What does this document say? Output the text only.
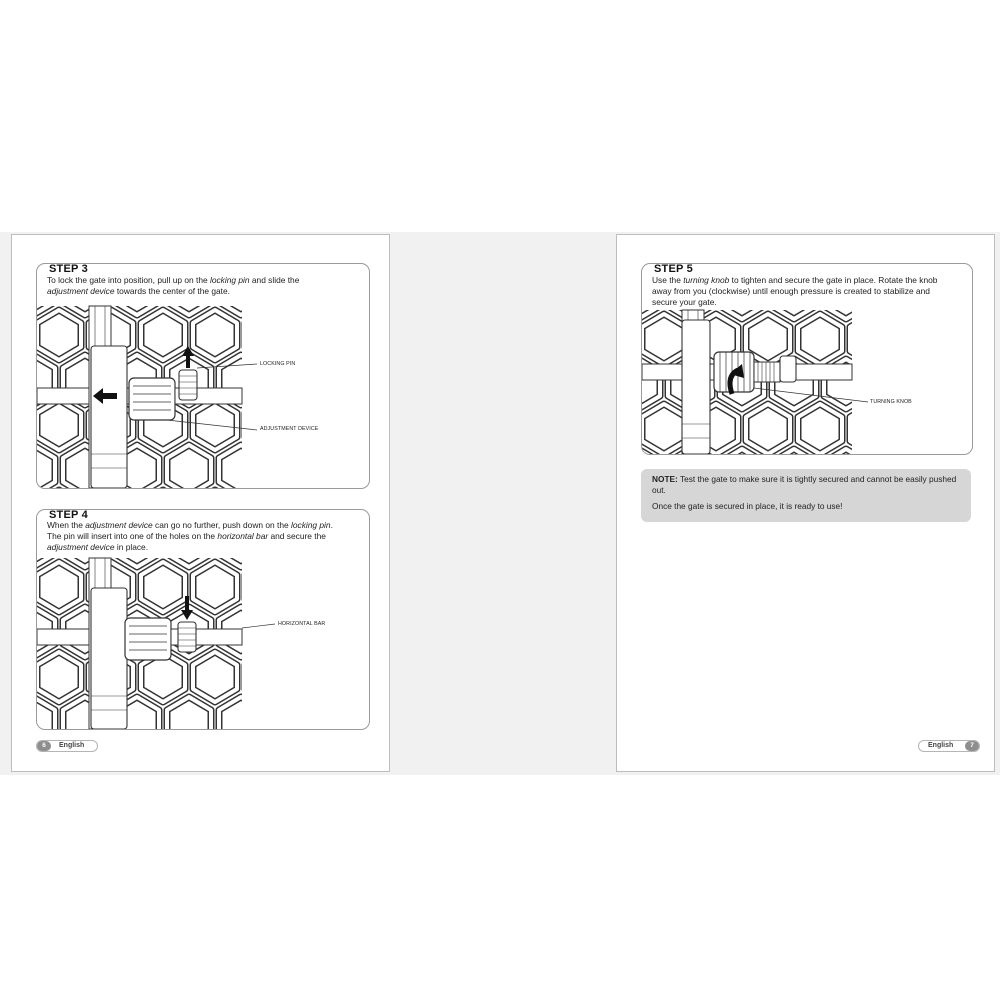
STEP 3
To lock the gate into position, pull up on the locking pin and slide the
adjustment device towards the center of the gate.
LOCKING PIN
ADJUSTMENT DEVICE
STEP 4
When the adjustment device can go no further, push down on the locking pin.
The pin will insert into one of the holes on the horizontal bar and secure the
adjustment device in place.
HORIZONTAL BAR
6	English
STEP 5
Use the turning knob to tighten and secure the gate in place. Rotate the knob
away from you (clockwise) until enough pressure is created to stabilize and
secure your gate.
TURNING KNOB
NOTE: Test the gate to make sure it is tightly secured and cannot be easily pushed out.
Once the gate is secured in place, it is ready to use!
English	7
